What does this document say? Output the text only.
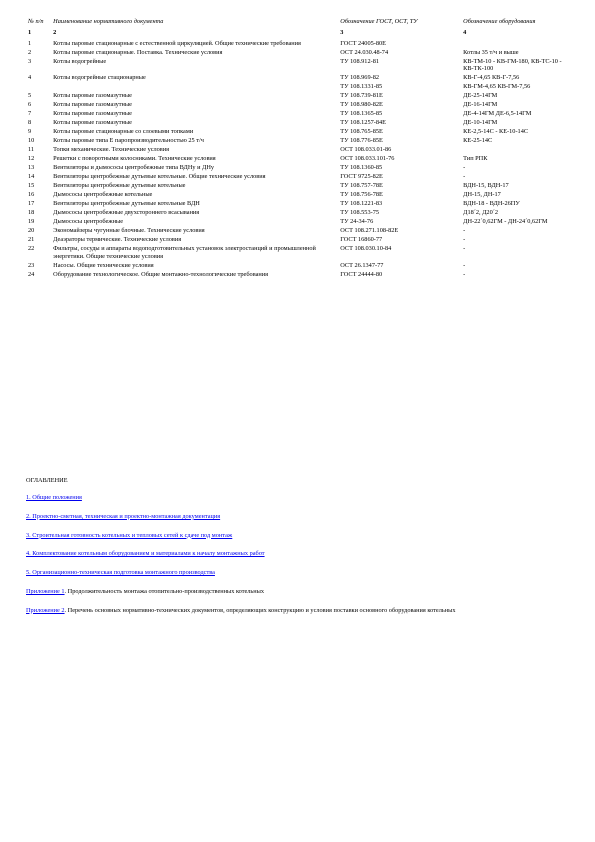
№ п/п	Наименование нормативного документа	Обозначение ГОСТ, ОСТ, ТУ	Обозначение оборудования
1	2	3	4
1	Котлы паровые стационарные с естественной циркуляцией. Общие технические требования	ГОСТ 24005-80Е	
2	Котлы паровые стационарные. Поставка. Технические условия	ОСТ 24.030.48-74	Котлы 35 т/ч и выше
3	Котлы водогрейные	ТУ 108.912-81	КВ-ТМ-10 - КВ-ГМ-180, КВ-ТС-10 - КВ-ТК-100
4	Котлы водогрейные стационарные	ТУ 108.969-82	КВ-Г-4,65 КВ-Г-7,56
		ТУ 108.1331-85	КВ-ГМ-4,65 КВ-ГМ-7,56
5	Котлы паровые газомазутные	ТУ 108.739-81Е	ДЕ-25-14ГМ
6	Котлы паровые газомазутные	ТУ 108.980-82Е	ДЕ-16-14ГМ
7	Котлы паровые газомазутные	ТУ 108.1365-85	ДЕ-4-14ГМ ДЕ-6,5-14ГМ
8	Котлы паровые газомазутные	ТУ 108.1257-84Е	ДЕ-10-14ГМ
9	Котлы паровые стационарные со слоевыми топками	ТУ 108.765-85Е	КЕ-2,5-14С - КЕ-10-14С
10	Котлы паровые типа Е паропроизводительностью 25 т/ч	ТУ 108.776-85Е	КЕ-25-14С
11	Топки механические. Технические условия	ОСТ 108.033.01-86	
12	Решетки с поворотными колосниками. Технические условия	ОСТ 108.033.101-76	Тип РПК
13	Вентиляторы и дымососы центробежные типа ВДНу и ДНу	ТУ 108.1360-85	-
14	Вентиляторы центробежные дутьевые котельные. Общие технические условия	ГОСТ 9725-82Е	-
15	Вентиляторы центробежные дутьевые котельные	ТУ 108.757-78Е	ВДН-15, ВДН-17
16	Дымососы центробежные котельные	ТУ 108.756-78Е	ДН-15, ДН-17
17	Вентиляторы центробежные дутьевые котельные ВДН	ТУ 108.1221-83	ВДН-18 - ВДН-26ПУ
18	Дымососы центробежные двухстороннего всасывания	ТУ 108.553-75	Д18´2, Д20´2
19	Дымососы центробежные	ТУ 24-34-76	ДН-22´0,62ГМ - ДН-24´0,62ГМ
20	Экономайзеры чугунные блочные. Технические условия	ОСТ 108.271.108-82Е	-
21	Деаэраторы термические. Технические условия	ГОСТ 16860-77	-
22	Фильтры, сосуды и аппараты водоподготовительных установок электростанций и промышленной энергетики. Общие технические условия	ОСТ 108.030.10-84	-
23	Насосы. Общие технические условия	ОСТ 26.1347-77	-
24	Оборудование технологическое. Общие монтажно-технологические требования	ГОСТ 24444-80	-
ОГЛАВЛЕНИЕ
1. Общие положения
2. Проектно-сметная, техническая и проектно-монтажная документация
3. Строительная готовность котельных и тепловых сетей к сдаче под монтаж
4. Комплектование котельным оборудованием и материалами к началу монтажных работ
5. Организационно-техническая подготовка монтажного производства
Приложение 1. Продолжительность монтажа отопительно-производственных котельных
Приложение 2. Перечень основных нормативно-технических документов, определяющих конструкцию и условия поставки основного оборудования котельных
